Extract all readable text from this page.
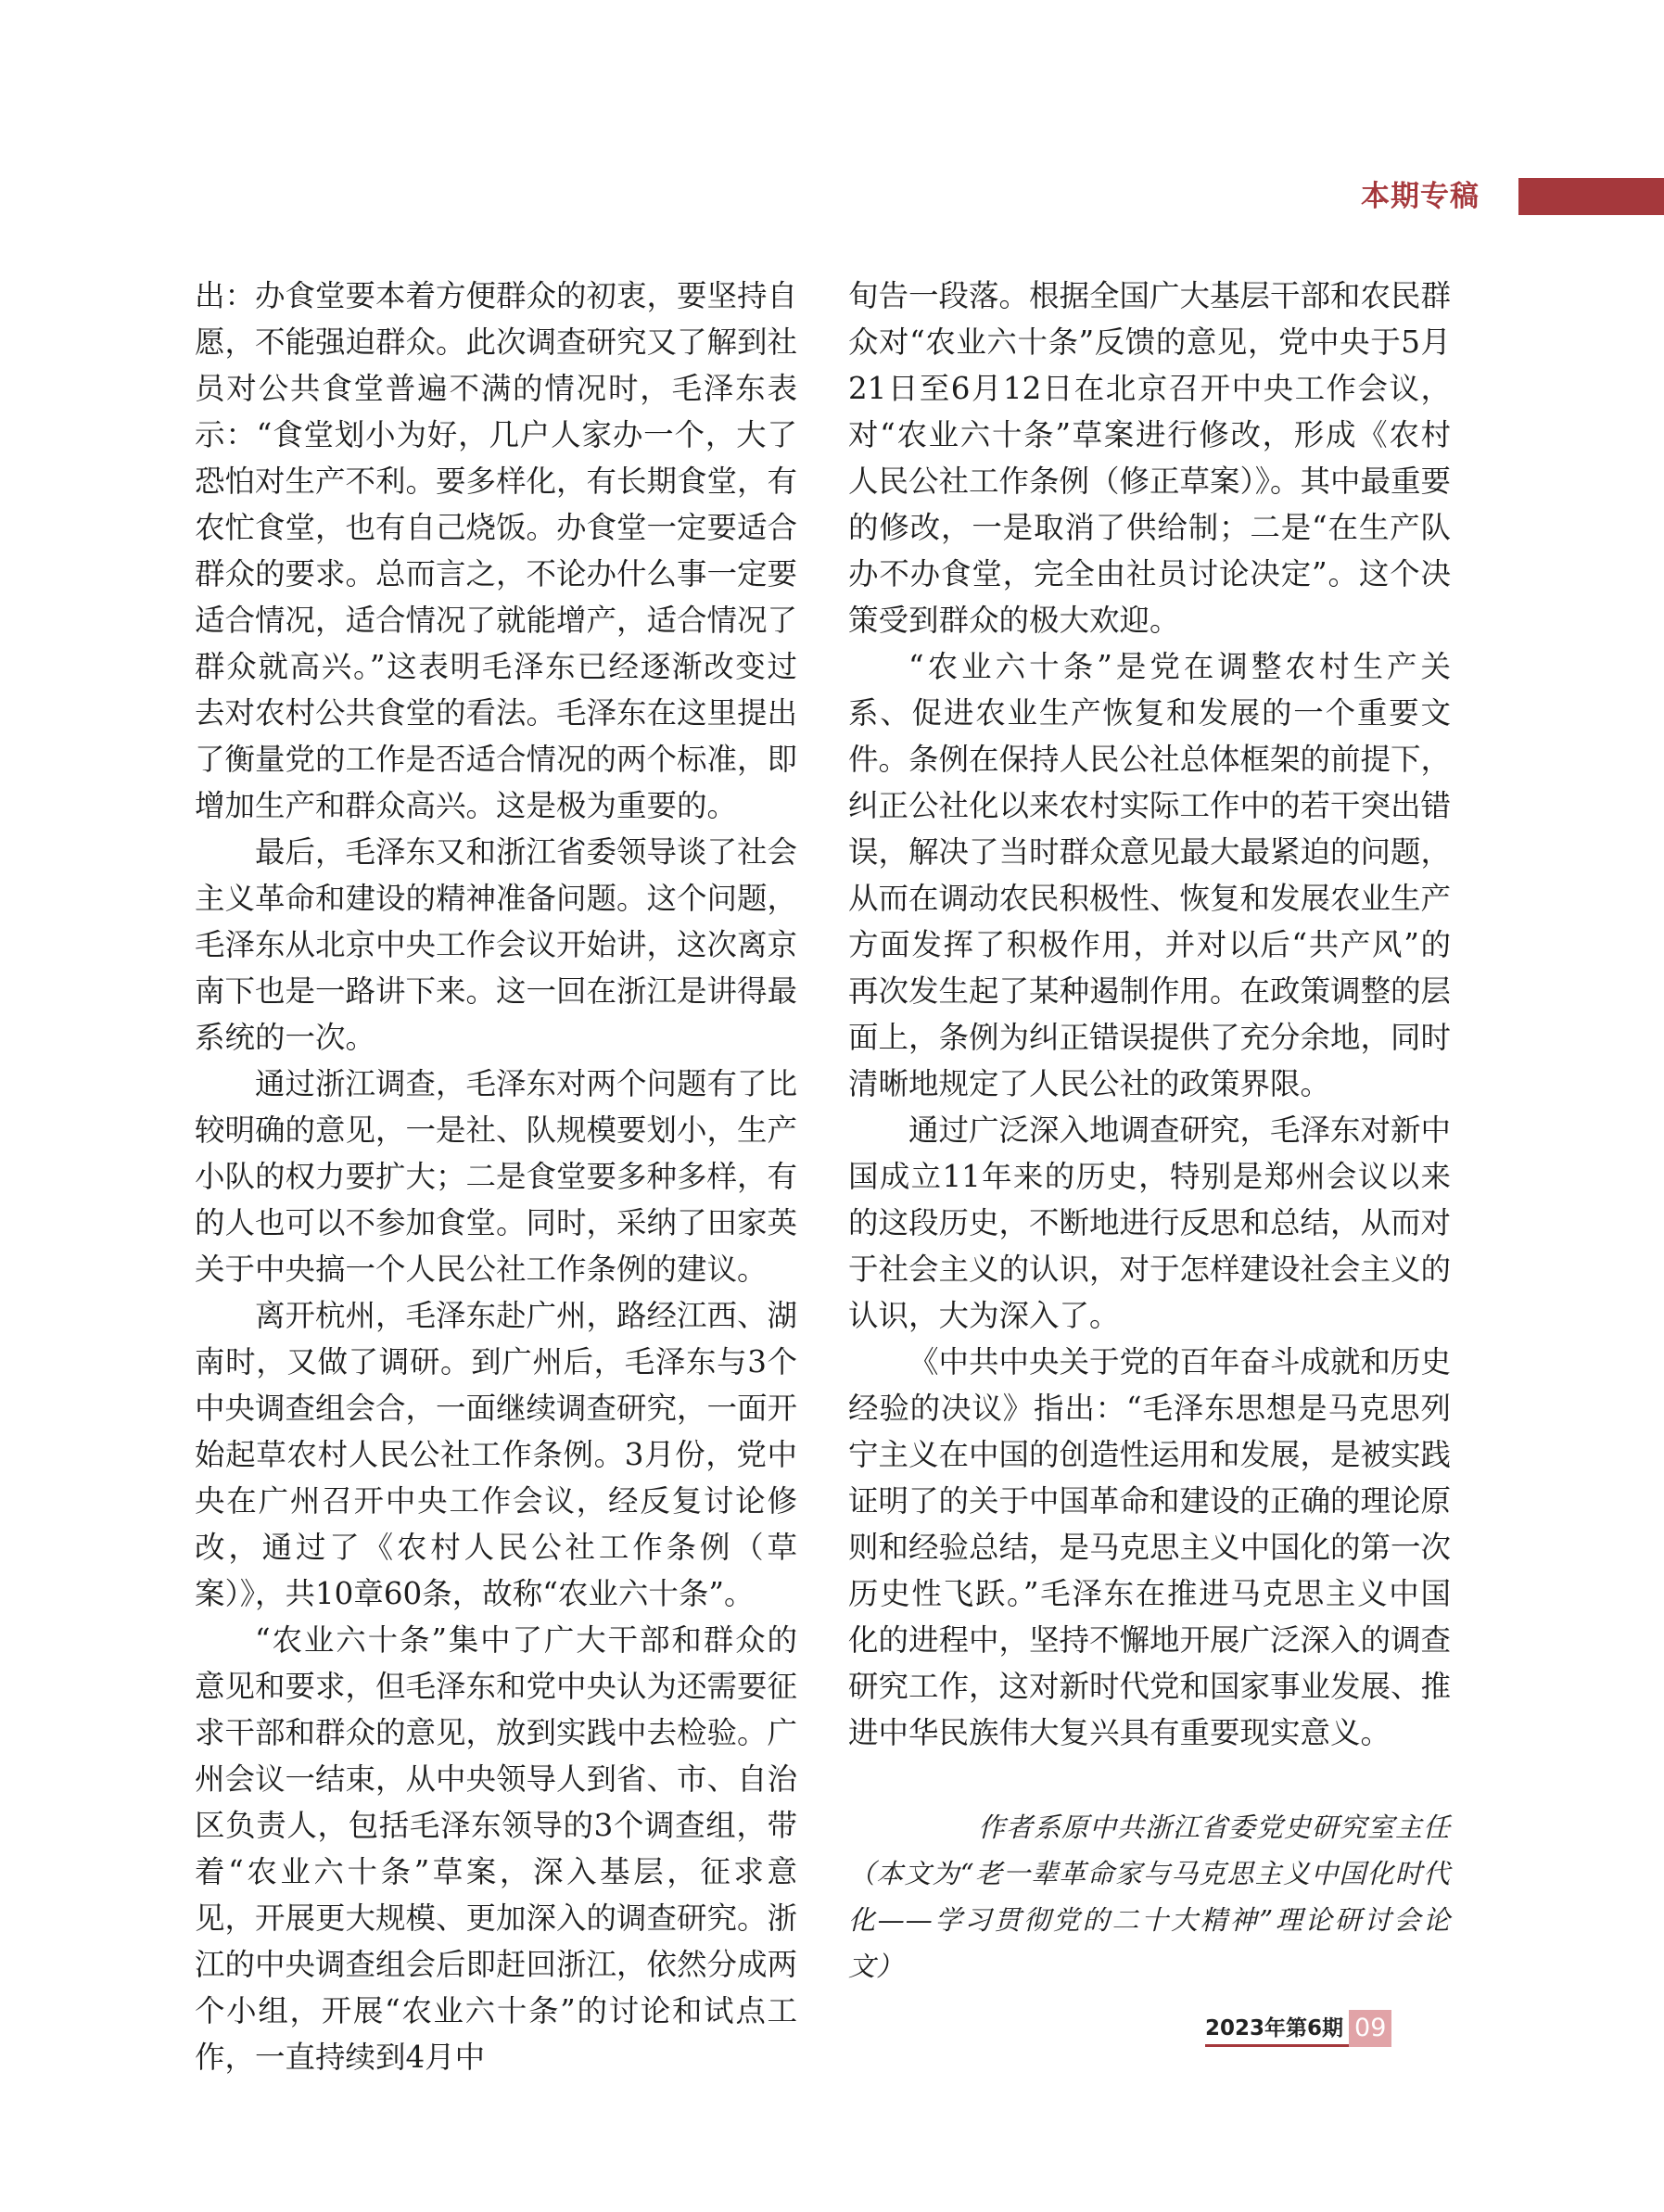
本期专稿

出：办食堂要本着方便群众的初衷，要坚持自愿，不能强迫群众。此次调查研究又了解到社员对公共食堂普遍不满的情况时，毛泽东表示：“食堂划小为好，几户人家办一个，大了恐怕对生产不利。要多样化，有长期食堂，有农忙食堂，也有自己烧饭。办食堂一定要适合群众的要求。总而言之，不论办什么事一定要适合情况，适合情况了就能增产，适合情况了群众就高兴。”这表明毛泽东已经逐渐改变过去对农村公共食堂的看法。毛泽东在这里提出了衡量党的工作是否适合情况的两个标准，即增加生产和群众高兴。这是极为重要的。

最后，毛泽东又和浙江省委领导谈了社会主义革命和建设的精神准备问题。这个问题，毛泽东从北京中央工作会议开始讲，这次离京南下也是一路讲下来。这一回在浙江是讲得最系统的一次。

通过浙江调查，毛泽东对两个问题有了比较明确的意见，一是社、队规模要划小，生产小队的权力要扩大；二是食堂要多种多样，有的人也可以不参加食堂。同时，采纳了田家英关于中央搞一个人民公社工作条例的建议。

离开杭州，毛泽东赴广州，路经江西、湖南时，又做了调研。到广州后，毛泽东与3个中央调查组会合，一面继续调查研究，一面开始起草农村人民公社工作条例。3月份，党中央在广州召开中央工作会议，经反复讨论修改，通过了《农村人民公社工作条例（草案）》，共10章60条，故称“农业六十条”。

“农业六十条”集中了广大干部和群众的意见和要求，但毛泽东和党中央认为还需要征求干部和群众的意见，放到实践中去检验。广州会议一结束，从中央领导人到省、市、自治区负责人，包括毛泽东领导的3个调查组，带着“农业六十条”草案，深入基层，征求意见，开展更大规模、更加深入的调查研究。浙江的中央调查组会后即赶回浙江，依然分成两个小组，开展“农业六十条”的讨论和试点工作，一直持续到4月中

旬告一段落。根据全国广大基层干部和农民群众对“农业六十条”反馈的意见，党中央于5月21日至6月12日在北京召开中央工作会议，对“农业六十条”草案进行修改，形成《农村人民公社工作条例（修正草案）》。其中最重要的修改，一是取消了供给制；二是“在生产队办不办食堂，完全由社员讨论决定”。这个决策受到群众的极大欢迎。

“农业六十条”是党在调整农村生产关系、促进农业生产恢复和发展的一个重要文件。条例在保持人民公社总体框架的前提下，纠正公社化以来农村实际工作中的若干突出错误，解决了当时群众意见最大最紧迫的问题，从而在调动农民积极性、恢复和发展农业生产方面发挥了积极作用，并对以后“共产风”的再次发生起了某种遏制作用。在政策调整的层面上，条例为纠正错误提供了充分余地，同时清晰地规定了人民公社的政策界限。

通过广泛深入地调查研究，毛泽东对新中国成立11年来的历史，特别是郑州会议以来的这段历史，不断地进行反思和总结，从而对于社会主义的认识，对于怎样建设社会主义的认识，大为深入了。

《中共中央关于党的百年奋斗成就和历史经验的决议》指出：“毛泽东思想是马克思列宁主义在中国的创造性运用和发展，是被实践证明了的关于中国革命和建设的正确的理论原则和经验总结，是马克思主义中国化的第一次历史性飞跃。”毛泽东在推进马克思主义中国化的进程中，坚持不懈地开展广泛深入的调查研究工作，这对新时代党和国家事业发展、推进中华民族伟大复兴具有重要现实意义。

作者系原中共浙江省委党史研究室主任

（本文为“老一辈革命家与马克思主义中国化时代化——学习贯彻党的二十大精神”理论研讨会论文）

2023年第6期 09
